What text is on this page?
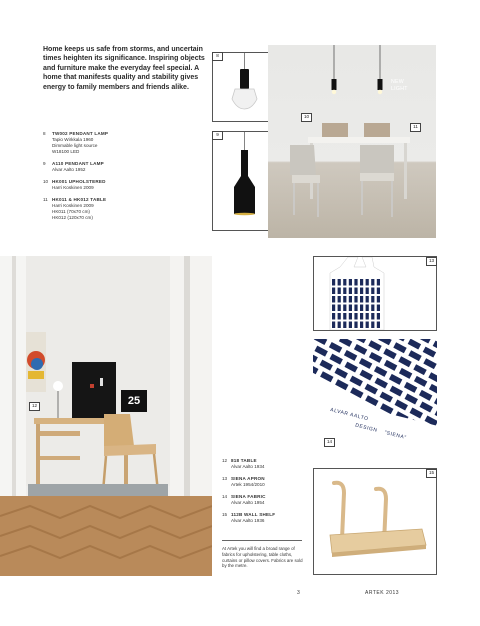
Home keeps us safe from storms, and uncertain times heighten its significance. Inspiring objects and furniture make the everyday feel special. A home that manifests quality and stability gives energy to family members and friends alike.
8	TW002 PENDANT LAMP
Tapio Wirkkala 1960
Dimmable light source
W18100 LED
9	A110 PENDANT LAMP
Alvar Aalto 1952
10 HK001 UPHOLSTERED
Harri Koskinen 2009
11 HK011 & HK012 TABLE
Harri Koskinen 2009
HK011 (70x70 cm)
HK012 (120x70 cm)
8
9
NEW
LIGHT
10
11
25
12
13
ALVAR AALTO
DESIGN
"SIENA"
14
15
12 818 TABLE
Alvar Aalto 1934
13 SIENA APRON
Artek 1954/2010
14 SIENA FABRIC
Alvar Aalto 1954
15 112B WALL SHELF
Alvar Aalto 1936
At Artek you will find a broad range of fabrics for upholstering, table cloths, curtains or pillow covers. Fabrics are sold by the metre.
3	ARTEK 2013
